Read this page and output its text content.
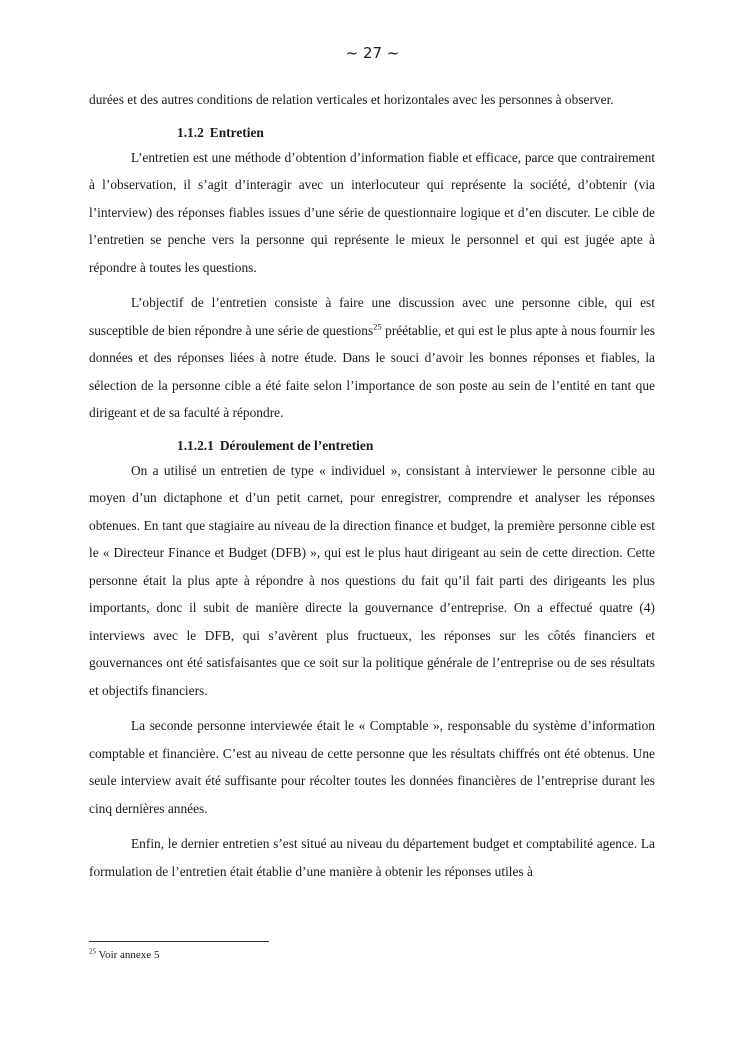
~ 27 ~

durées et des autres conditions de relation verticales et horizontales avec les personnes à observer.

1.1.2 Entretien

L’entretien est une méthode d’obtention d’information fiable et efficace, parce que contrairement à l’observation, il s’agit d’interagir avec un interlocuteur qui représente la société, d’obtenir (via l’interview) des réponses fiables issues d’une série de questionnaire logique et d’en discuter. Le cible de l’entretien se penche vers la personne qui représente le mieux le personnel et qui est jugée apte à répondre à toutes les questions.

L’objectif de l’entretien consiste à faire une discussion avec une personne cible, qui est susceptible de bien répondre à une série de questions$^{25}$ préétablie, et qui est le plus apte à nous fournir les données et des réponses liées à notre étude. Dans le souci d’avoir les bonnes réponses et fiables, la sélection de la personne cible a été faite selon l’importance de son poste au sein de l’entité en tant que dirigeant et de sa faculté à répondre.

1.1.2.1 Déroulement de l’entretien

On a utilisé un entretien de type « individuel », consistant à interviewer le personne cible au moyen d’un dictaphone et d’un petit carnet, pour enregistrer, comprendre et analyser les réponses obtenues. En tant que stagiaire au niveau de la direction finance et budget, la première personne cible est le « Directeur Finance et Budget (DFB) », qui est le plus haut dirigeant au sein de cette direction. Cette personne était la plus apte à répondre à nos questions du fait qu’il fait parti des dirigeants les plus importants, donc il subit de manière directe la gouvernance d’entreprise. On a effectué quatre (4) interviews avec le DFB, qui s’avèrent plus fructueux, les réponses sur les côtés financiers et gouvernances ont été satisfaisantes que ce soit sur la politique générale de l’entreprise ou de ses résultats et objectifs financiers.

La seconde personne interviewée était le « Comptable », responsable du système d’information comptable et financière. C’est au niveau de cette personne que les résultats chiffrés ont été obtenus. Une seule interview avait été suffisante pour récolter toutes les données financières de l’entreprise durant les cinq dernières années.

Enfin, le dernier entretien s’est situé au niveau du département budget et comptabilité agence. La formulation de l’entretien était établie d’une manière à obtenir les réponses utiles à

$^{25}$ Voir annexe 5
